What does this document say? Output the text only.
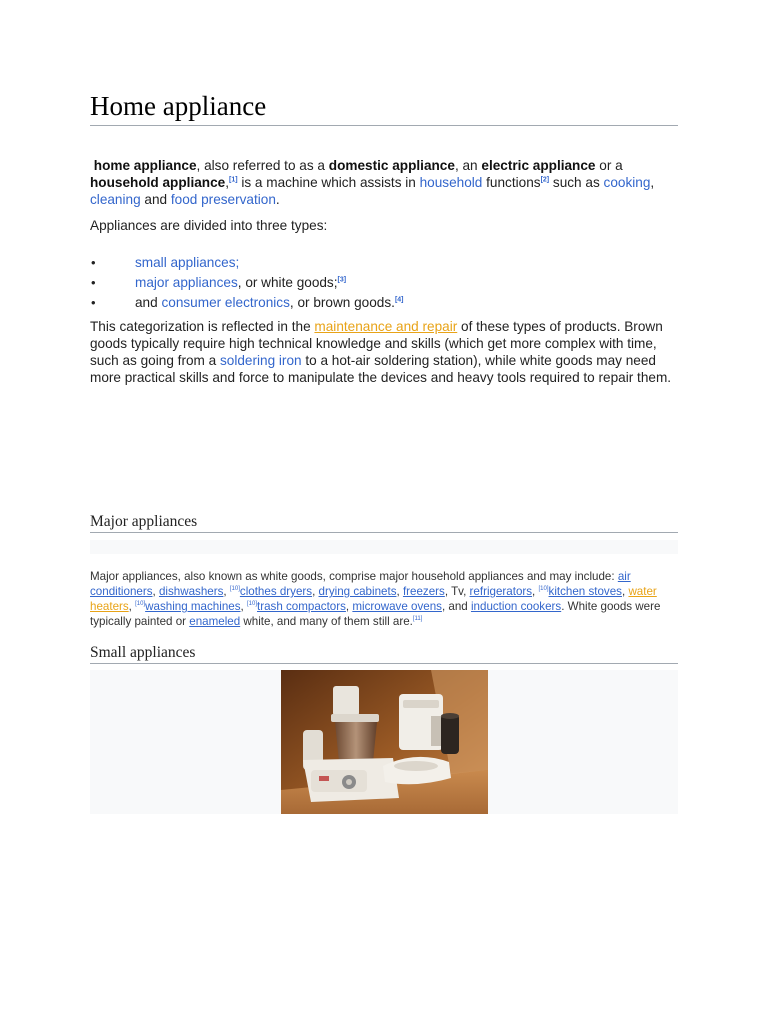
Home appliance

home appliance, also referred to as a domestic appliance, an electric appliance or a household appliance,[1] is a machine which assists in household functions[2] such as cooking, cleaning and food preservation.

Appliances are divided into three types:

•	small appliances;
•	major appliances, or white goods;[3]
•	and consumer electronics, or brown goods.[4]

This categorization is reflected in the maintenance and repair of these types of products. Brown goods typically require high technical knowledge and skills (which get more complex with time, such as going from a soldering iron to a hot-air soldering station), while white goods may need more practical skills and force to manipulate the devices and heavy tools required to repair them.

Major appliances

Major appliances, also known as white goods, comprise major household appliances and may include: air conditioners, dishwashers, [10]clothes dryers, drying cabinets, freezers, Tv, refrigerators, [10]kitchen stoves, water heaters, [10]washing machines, [10]trash compactors, microwave ovens, and induction cookers. White goods were typically painted or enameled white, and many of them still are.[11]

Small appliances
